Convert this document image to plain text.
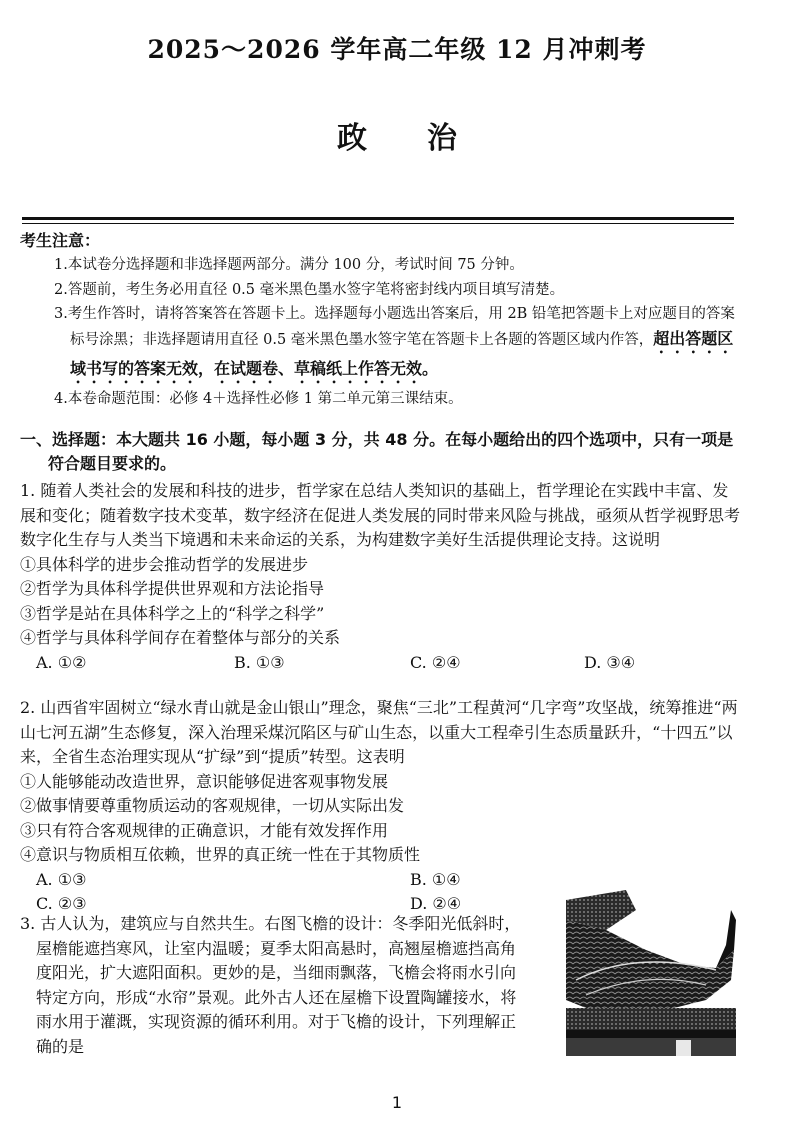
2025～2026 学年高二年级 12 月冲刺考
政治
考生注意：
1.本试卷分选择题和非选择题两部分。满分 100 分，考试时间 75 分钟。
2.答题前，考生务必用直径 0.5 毫米黑色墨水签字笔将密封线内项目填写清楚。
3.考生作答时，请将答案答在答题卡上。选择题每小题选出答案后，用 2B 铅笔把答题卡上对应题目的答案标号涂黑；非选择题请用直径 0.5 毫米黑色墨水签字笔在答题卡上各题的答题区域内作答，超出答题区域书写的答案无效，在试题卷、草稿纸上作答无效。
4.本卷命题范围：必修 4＋选择性必修 1 第二单元第三课结束。
一、选择题：本大题共 16 小题，每小题 3 分，共 48 分。在每小题给出的四个选项中，只有一项是
符合题目要求的。

1. 随着人类社会的发展和科技的进步，哲学家在总结人类知识的基础上，哲学理论在实践中丰富、发展和变化；随着数字技术变革，数字经济在促进人类发展的同时带来风险与挑战，亟须从哲学视野思考数字化生存与人类当下境遇和未来命运的关系，为构建数字美好生活提供理论支持。这说明

①具体科学的进步会推动哲学的发展进步

②哲学为具体科学提供世界观和方法论指导

③哲学是站在具体科学之上的“科学之科学”

④哲学与具体科学间存在着整体与部分的关系

A. ①②	B. ①③	C. ②④	D. ③④

2. 山西省牢固树立“绿水青山就是金山银山”理念，聚焦“三北”工程黄河“几字弯”攻坚战，统筹推进“两山七河五湖”生态修复，深入治理采煤沉陷区与矿山生态，以重大工程牵引生态质量跃升，“十四五”以来，全省生态治理实现从“扩绿”到“提质”转型。这表明

①人能够能动改造世界，意识能够促进客观事物发展

②做事情要尊重物质运动的客观规律，一切从实际出发

③只有符合客观规律的正确意识，才能有效发挥作用

④意识与物质相互依赖，世界的真正统一性在于其物质性

A. ①③	B. ①④
C. ②③	D. ②④

3. 古人认为，建筑应与自然共生。右图飞檐的设计：冬季阳光低斜时，

屋檐能遮挡寒风，让室内温暖；夏季太阳高悬时，高翘屋檐遮挡高角

度阳光，扩大遮阳面积。更妙的是，当细雨飘落，飞檐会将雨水引向

特定方向，形成“水帘”景观。此外古人还在屋檐下设置陶罐接水，将

雨水用于灌溉，实现资源的循环利用。对于飞檐的设计，下列理解正

确的是

1
